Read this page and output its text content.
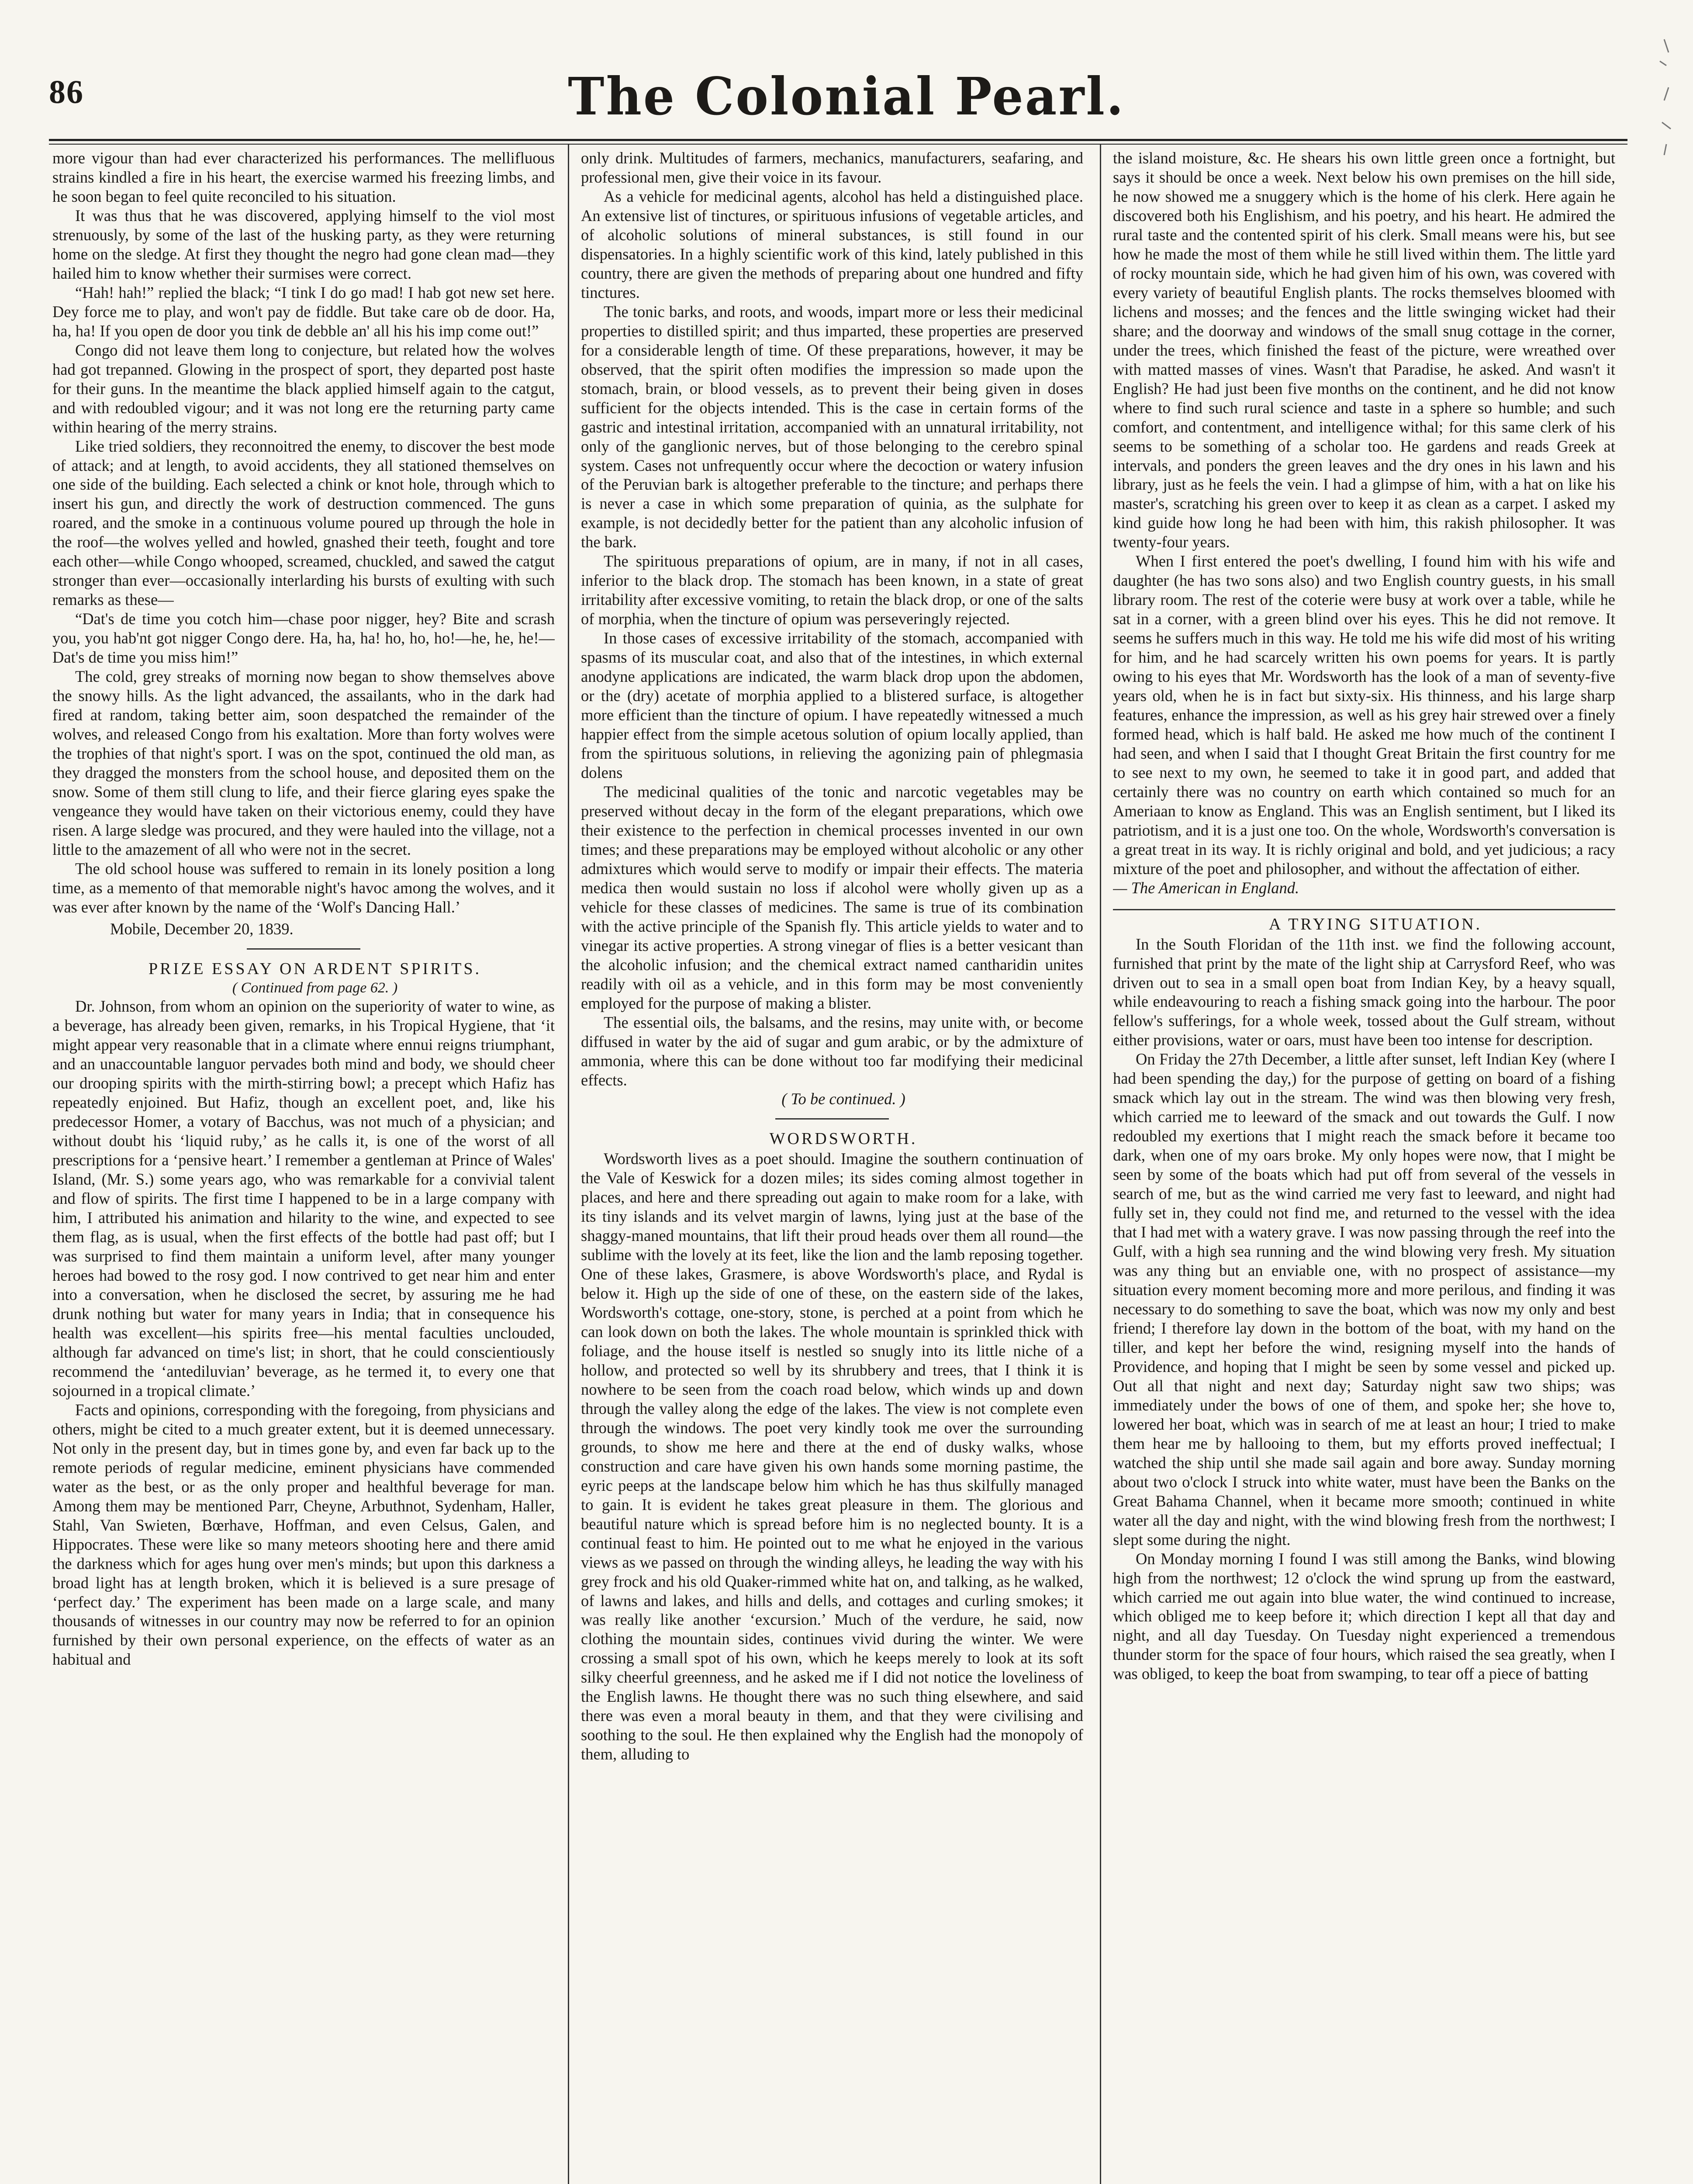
86	The Colonial Pearl.

more vigour than had ever characterized his performances. The mellifluous strains kindled a fire in his heart, the exercise warmed his freezing limbs, and he soon began to feel quite reconciled to his situation.

It was thus that he was discovered, applying himself to the viol most strenuously, by some of the last of the husking party, as they were returning home on the sledge. At first they thought the negro had gone clean mad—they hailed him to know whether their surmises were correct.

“Hah! hah!” replied the black; “I tink I do go mad! I hab got new set here. Dey force me to play, and won't pay de fiddle. But take care ob de door. Ha, ha, ha! If you open de door you tink de debble an' all his his imp come out!”

Congo did not leave them long to conjecture, but related how the wolves had got trepanned. Glowing in the prospect of sport, they departed post haste for their guns. In the meantime the black applied himself again to the catgut, and with redoubled vigour; and it was not long ere the returning party came within hearing of the merry strains.

Like tried soldiers, they reconnoitred the enemy, to discover the best mode of attack; and at length, to avoid accidents, they all stationed themselves on one side of the building. Each selected a chink or knot hole, through which to insert his gun, and directly the work of destruction commenced. The guns roared, and the smoke in a continuous volume poured up through the hole in the roof—the wolves yelled and howled, gnashed their teeth, fought and tore each other—while Congo whooped, screamed, chuckled, and sawed the catgut stronger than ever—occasionally interlarding his bursts of exulting with such remarks as these—

“Dat's de time you cotch him—chase poor nigger, hey? Bite and scrash you, you hab'nt got nigger Congo dere. Ha, ha, ha! ho, ho, ho!—he, he, he!—Dat's de time you miss him!”

The cold, grey streaks of morning now began to show themselves above the snowy hills. As the light advanced, the assailants, who in the dark had fired at random, taking better aim, soon despatched the remainder of the wolves, and released Congo from his exaltation. More than forty wolves were the trophies of that night's sport. I was on the spot, continued the old man, as they dragged the monsters from the school house, and deposited them on the snow. Some of them still clung to life, and their fierce glaring eyes spake the vengeance they would have taken on their victorious enemy, could they have risen. A large sledge was procured, and they were hauled into the village, not a little to the amazement of all who were not in the secret.

The old school house was suffered to remain in its lonely position a long time, as a memento of that memorable night's havoc among the wolves, and it was ever after known by the name of the ‘Wolf's Dancing Hall.’

Mobile, December 20, 1839.

PRIZE ESSAY ON ARDENT SPIRITS.

( Continued from page 62. )

Dr. Johnson, from whom an opinion on the superiority of water to wine, as a beverage, has already been given, remarks, in his Tropical Hygiene, that ‘it might appear very reasonable that in a climate where ennui reigns triumphant, and an unaccountable languor pervades both mind and body, we should cheer our drooping spirits with the mirth-stirring bowl; a precept which Hafiz has repeatedly enjoined. But Hafiz, though an excellent poet, and, like his predecessor Homer, a votary of Bacchus, was not much of a physician; and without doubt his ‘liquid ruby,’ as he calls it, is one of the worst of all prescriptions for a ‘pensive heart.’ I remember a gentleman at Prince of Wales' Island, (Mr. S.) some years ago, who was remarkable for a convivial talent and flow of spirits. The first time I happened to be in a large company with him, I attributed his animation and hilarity to the wine, and expected to see them flag, as is usual, when the first effects of the bottle had past off; but I was surprised to find them maintain a uniform level, after many younger heroes had bowed to the rosy god. I now contrived to get near him and enter into a conversation, when he disclosed the secret, by assuring me he had drunk nothing but water for many years in India; that in consequence his health was excellent—his spirits free—his mental faculties unclouded, although far advanced on time's list; in short, that he could conscientiously recommend the ‘antediluvian’ beverage, as he termed it, to every one that sojourned in a tropical climate.’

Facts and opinions, corresponding with the foregoing, from physicians and others, might be cited to a much greater extent, but it is deemed unnecessary. Not only in the present day, but in times gone by, and even far back up to the remote periods of regular medicine, eminent physicians have commended water as the best, or as the only proper and healthful beverage for man. Among them may be mentioned Parr, Cheyne, Arbuthnot, Sydenham, Haller, Stahl, Van Swieten, Bœrhave, Hoffman, and even Celsus, Galen, and Hippocrates. These were like so many meteors shooting here and there amid the darkness which for ages hung over men's minds; but upon this darkness a broad light has at length broken, which it is believed is a sure presage of ‘perfect day.’ The experiment has been made on a large scale, and many thousands of witnesses in our country may now be referred to for an opinion furnished by their own personal experience, on the effects of water as an habitual and

only drink. Multitudes of farmers, mechanics, manufacturers, seafaring, and professional men, give their voice in its favour.

As a vehicle for medicinal agents, alcohol has held a distinguished place. An extensive list of tinctures, or spirituous infusions of vegetable articles, and of alcoholic solutions of mineral substances, is still found in our dispensatories. In a highly scientific work of this kind, lately published in this country, there are given the methods of preparing about one hundred and fifty tinctures.

The tonic barks, and roots, and woods, impart more or less their medicinal properties to distilled spirit; and thus imparted, these properties are preserved for a considerable length of time. Of these preparations, however, it may be observed, that the spirit often modifies the impression so made upon the stomach, brain, or blood vessels, as to prevent their being given in doses sufficient for the objects intended. This is the case in certain forms of the gastric and intestinal irritation, accompanied with an unnatural irritability, not only of the ganglionic nerves, but of those belonging to the cerebro spinal system. Cases not unfrequently occur where the decoction or watery infusion of the Peruvian bark is altogether preferable to the tincture; and perhaps there is never a case in which some preparation of quinia, as the sulphate for example, is not decidedly better for the patient than any alcoholic infusion of the bark.

The spirituous preparations of opium, are in many, if not in all cases, inferior to the black drop. The stomach has been known, in a state of great irritability after excessive vomiting, to retain the black drop, or one of the salts of morphia, when the tincture of opium was perseveringly rejected.

In those cases of excessive irritability of the stomach, accompanied with spasms of its muscular coat, and also that of the intestines, in which external anodyne applications are indicated, the warm black drop upon the abdomen, or the (dry) acetate of morphia applied to a blistered surface, is altogether more efficient than the tincture of opium. I have repeatedly witnessed a much happier effect from the simple acetous solution of opium locally applied, than from the spirituous solutions, in relieving the agonizing pain of phlegmasia dolens

The medicinal qualities of the tonic and narcotic vegetables may be preserved without decay in the form of the elegant preparations, which owe their existence to the perfection in chemical processes invented in our own times; and these preparations may be employed without alcoholic or any other admixtures which would serve to modify or impair their effects. The materia medica then would sustain no loss if alcohol were wholly given up as a vehicle for these classes of medicines. The same is true of its combination with the active principle of the Spanish fly. This article yields to water and to vinegar its active properties. A strong vinegar of flies is a better vesicant than the alcoholic infusion; and the chemical extract named cantharidin unites readily with oil as a vehicle, and in this form may be most conveniently employed for the purpose of making a blister.

The essential oils, the balsams, and the resins, may unite with, or become diffused in water by the aid of sugar and gum arabic, or by the admixture of ammonia, where this can be done without too far modifying their medicinal effects.

( To be continued. )

WORDSWORTH.

Wordsworth lives as a poet should. Imagine the southern continuation of the Vale of Keswick for a dozen miles; its sides coming almost together in places, and here and there spreading out again to make room for a lake, with its tiny islands and its velvet margin of lawns, lying just at the base of the shaggy-maned mountains, that lift their proud heads over them all round—the sublime with the lovely at its feet, like the lion and the lamb reposing together. One of these lakes, Grasmere, is above Wordsworth's place, and Rydal is below it. High up the side of one of these, on the eastern side of the lakes, Wordsworth's cottage, one-story, stone, is perched at a point from which he can look down on both the lakes. The whole mountain is sprinkled thick with foliage, and the house itself is nestled so snugly into its little niche of a hollow, and protected so well by its shrubbery and trees, that I think it is nowhere to be seen from the coach road below, which winds up and down through the valley along the edge of the lakes. The view is not complete even through the windows. The poet very kindly took me over the surrounding grounds, to show me here and there at the end of dusky walks, whose construction and care have given his own hands some morning pastime, the eyric peeps at the landscape below him which he has thus skilfully managed to gain. It is evident he takes great pleasure in them. The glorious and beautiful nature which is spread before him is no neglected bounty. It is a continual feast to him. He pointed out to me what he enjoyed in the various views as we passed on through the winding alleys, he leading the way with his grey frock and his old Quaker-rimmed white hat on, and talking, as he walked, of lawns and lakes, and hills and dells, and cottages and curling smokes; it was really like another ‘excursion.’ Much of the verdure, he said, now clothing the mountain sides, continues vivid during the winter. We were crossing a small spot of his own, which he keeps merely to look at its soft silky cheerful greenness, and he asked me if I did not notice the loveliness of the English lawns. He thought there was no such thing elsewhere, and said there was even a moral beauty in them, and that they were civilising and soothing to the soul. He then explained why the English had the monopoly of them, alluding to

the island moisture, &c. He shears his own little green once a fortnight, but says it should be once a week. Next below his own premises on the hill side, he now showed me a snuggery which is the home of his clerk. Here again he discovered both his Englishism, and his poetry, and his heart. He admired the rural taste and the contented spirit of his clerk. Small means were his, but see how he made the most of them while he still lived within them. The little yard of rocky mountain side, which he had given him of his own, was covered with every variety of beautiful English plants. The rocks themselves bloomed with lichens and mosses; and the fences and the little swinging wicket had their share; and the doorway and windows of the small snug cottage in the corner, under the trees, which finished the feast of the picture, were wreathed over with matted masses of vines. Wasn't that Paradise, he asked. And wasn't it English? He had just been five months on the continent, and he did not know where to find such rural science and taste in a sphere so humble; and such comfort, and contentment, and intelligence withal; for this same clerk of his seems to be something of a scholar too. He gardens and reads Greek at intervals, and ponders the green leaves and the dry ones in his lawn and his library, just as he feels the vein. I had a glimpse of him, with a hat on like his master's, scratching his green over to keep it as clean as a carpet. I asked my kind guide how long he had been with him, this rakish philosopher. It was twenty-four years.

When I first entered the poet's dwelling, I found him with his wife and daughter (he has two sons also) and two English country guests, in his small library room. The rest of the coterie were busy at work over a table, while he sat in a corner, with a green blind over his eyes. This he did not remove. It seems he suffers much in this way. He told me his wife did most of his writing for him, and he had scarcely written his own poems for years. It is partly owing to his eyes that Mr. Wordsworth has the look of a man of seventy-five years old, when he is in fact but sixty-six. His thinness, and his large sharp features, enhance the impression, as well as his grey hair strewed over a finely formed head, which is half bald. He asked me how much of the continent I had seen, and when I said that I thought Great Britain the first country for me to see next to my own, he seemed to take it in good part, and added that certainly there was no country on earth which contained so much for an Ameriaan to know as England. This was an English sentiment, but I liked its patriotism, and it is a just one too. On the whole, Wordsworth's conversation is a great treat in its way. It is richly original and bold, and yet judicious; a racy mixture of the poet and philosopher, and without the affectation of either.

— The American in England.

A TRYING SITUATION.

In the South Floridan of the 11th inst. we find the following account, furnished that print by the mate of the light ship at Carrysford Reef, who was driven out to sea in a small open boat from Indian Key, by a heavy squall, while endeavouring to reach a fishing smack going into the harbour. The poor fellow's sufferings, for a whole week, tossed about the Gulf stream, without either provisions, water or oars, must have been too intense for description.

On Friday the 27th December, a little after sunset, left Indian Key (where I had been spending the day,) for the purpose of getting on board of a fishing smack which lay out in the stream. The wind was then blowing very fresh, which carried me to leeward of the smack and out towards the Gulf. I now redoubled my exertions that I might reach the smack before it became too dark, when one of my oars broke. My only hopes were now, that I might be seen by some of the boats which had put off from several of the vessels in search of me, but as the wind carried me very fast to leeward, and night had fully set in, they could not find me, and returned to the vessel with the idea that I had met with a watery grave. I was now passing through the reef into the Gulf, with a high sea running and the wind blowing very fresh. My situation was any thing but an enviable one, with no prospect of assistance—my situation every moment becoming more and more perilous, and finding it was necessary to do something to save the boat, which was now my only and best friend; I therefore lay down in the bottom of the boat, with my hand on the tiller, and kept her before the wind, resigning myself into the hands of Providence, and hoping that I might be seen by some vessel and picked up. Out all that night and next day; Saturday night saw two ships; was immediately under the bows of one of them, and spoke her; she hove to, lowered her boat, which was in search of me at least an hour; I tried to make them hear me by hallooing to them, but my efforts proved ineffectual; I watched the ship until she made sail again and bore away. Sunday morning about two o'clock I struck into white water, must have been the Banks on the Great Bahama Channel, when it became more smooth; continued in white water all the day and night, with the wind blowing fresh from the northwest; I slept some during the night.

On Monday morning I found I was still among the Banks, wind blowing high from the northwest; 12 o'clock the wind sprung up from the eastward, which carried me out again into blue water, the wind continued to increase, which obliged me to keep before it; which direction I kept all that day and night, and all day Tuesday. On Tuesday night experienced a tremendous thunder storm for the space of four hours, which raised the sea greatly, when I was obliged, to keep the boat from swamping, to tear off a piece of batting
